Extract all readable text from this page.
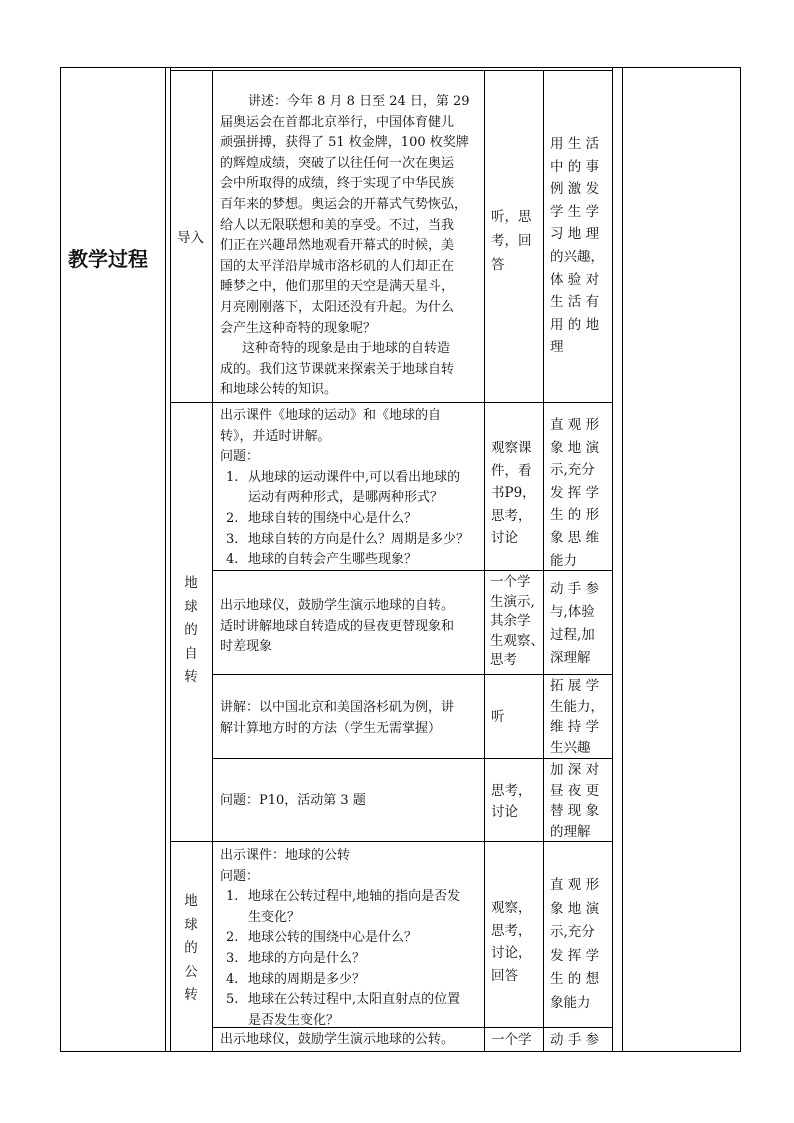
教学过程
导入

讲述：今年 8 月 8 日至 24 日，第 29

届奥运会在首都北京举行，中国体育健儿

顽强拼搏，获得了 51 枚金牌，100 枚奖牌

的辉煌成绩，突破了以往任何一次在奥运

会中所取得的成绩，终于实现了中华民族

百年来的梦想。奥运会的开幕式气势恢弘，

给人以无限联想和美的享受。不过，当我

们正在兴趣昂然地观看开幕式的时候，美

国的太平洋沿岸城市洛杉矶的人们却正在

睡梦之中，他们那里的天空是满天星斗，

月亮刚刚落下，太阳还没有升起。为什么

会产生这种奇特的现象呢？

这种奇特的现象是由于地球的自转造

成的。我们这节课就来探索关于地球自转

和地球公转的知识。

听，思

考，回

答

用 生 活

中 的 事

例 激 发

学 生 学

习 地 理

的兴趣，

体 验 对

生 活 有

用 的 地

理

地
球
的
自
转

出示课件《地球的运动》和《地球的自

转》，并适时讲解。

问题：

1. 从地球的运动课件中,可以看出地球的

运动有两种形式，是哪两种形式？

2. 地球自转的围绕中心是什么？

3. 地球自转的方向是什么？周期是多少？

4. 地球的自转会产生哪些现象？

观察课

件，看

书P9，

思考，

讨论

直 观 形

象 地 演

示,充分

发 挥 学

生 的 形

象 思 维

能力

出示地球仪，鼓励学生演示地球的自转。

适时讲解地球自转造成的昼夜更替现象和

时差现象

一个学

生演示,

其余学

生观察、

思考

动 手 参

与,体验

过程,加

深理解

讲解：以中国北京和美国洛杉矶为例，讲

解计算地方时的方法（学生无需掌握）

听

拓 展 学

生能力，

维 持 学

生兴趣

问题：P10，活动第 3 题

思考，

讨论

加 深 对

昼 夜 更

替 现 象

的理解

地
球
的
公
转

出示课件：地球的公转

问题：

1. 地球在公转过程中,地轴的指向是否发

生变化？

2. 地球公转的围绕中心是什么？

3. 地球的方向是什么？

4. 地球的周期是多少？

5. 地球在公转过程中,太阳直射点的位置

是否发生变化？

观察，

思考，

讨论，

回答

直 观 形

象 地 演

示,充分

发 挥 学

生 的 想

象能力

出示地球仪，鼓励学生演示地球的公转。	一个学 动 手 参
